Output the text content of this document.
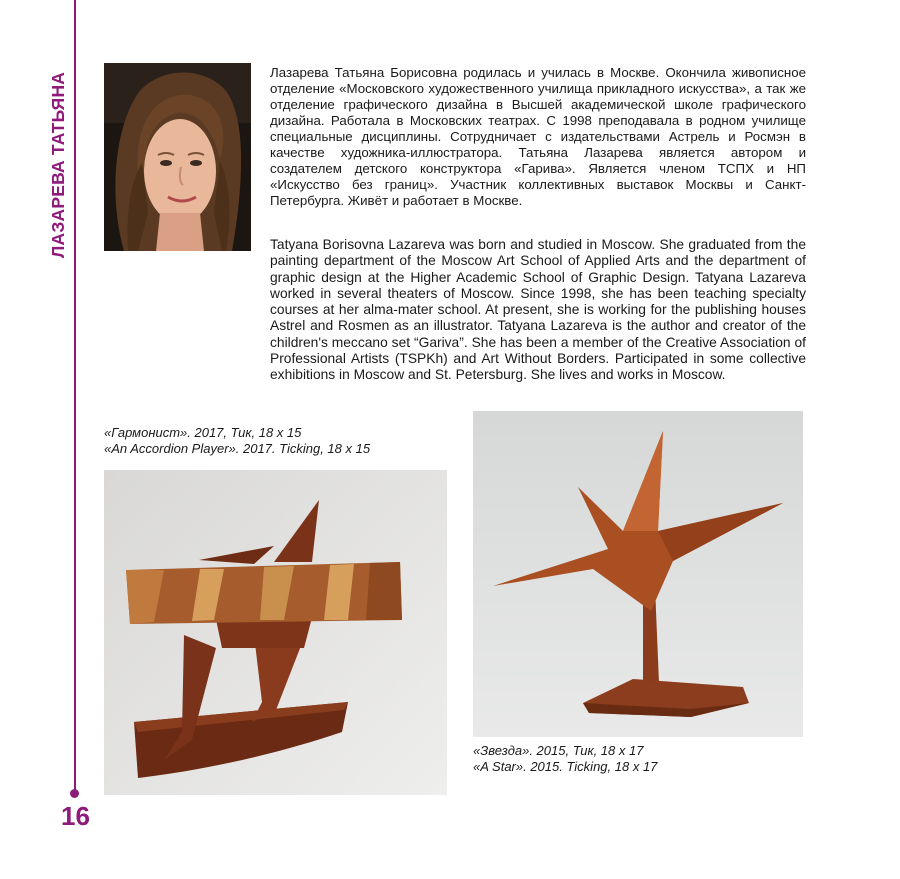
ЛАЗАРЕВА ТАТЬЯНА
16

Лазарева Татьяна Борисовна родилась и училась в Москве. Окончила живописное отделение «Московского художественного училища прикладного искусства», а так же отделение графического дизайна в Высшей академической школе графического дизайна. Работала в Московских театрах. С 1998 преподавала в родном училище специальные дисциплины. Сотрудничает с издательствами Астрель и Росмэн в качестве художника-иллюстратора. Татьяна Лазарева является автором и создателем детского конструктора «Гарива». Является членом ТСПХ и НП «Искусство без границ». Участник коллективных выставок Москвы и Санкт-Петербурга. Живёт и работает в Москве.

Tatyana Borisovna Lazareva was born and studied in Moscow. She graduated from the painting department of the Moscow Art School of Applied Arts and the department of graphic design at the Higher Academic School of Graphic Design. Tatyana Lazareva worked in several theaters of Moscow. Since 1998, she has been teaching specialty courses at her alma-mater school. At present, she is working for the publishing houses Astrel and Rosmen as an illustrator. Tatyana Lazareva is the author and creator of the children's meccano set “Gariva”. She has been a member of the Creative Association of Professional Artists (TSPKh) and Art Without Borders. Participated in some collective exhibitions in Moscow and St. Petersburg. She lives and works in Moscow.

«Гармонист». 2017, Тик, 18 х 15
«An Accordion Player». 2017. Ticking, 18 x 15
«Звезда». 2015, Тик, 18 х 17
«A Star». 2015. Ticking, 18 x 17
